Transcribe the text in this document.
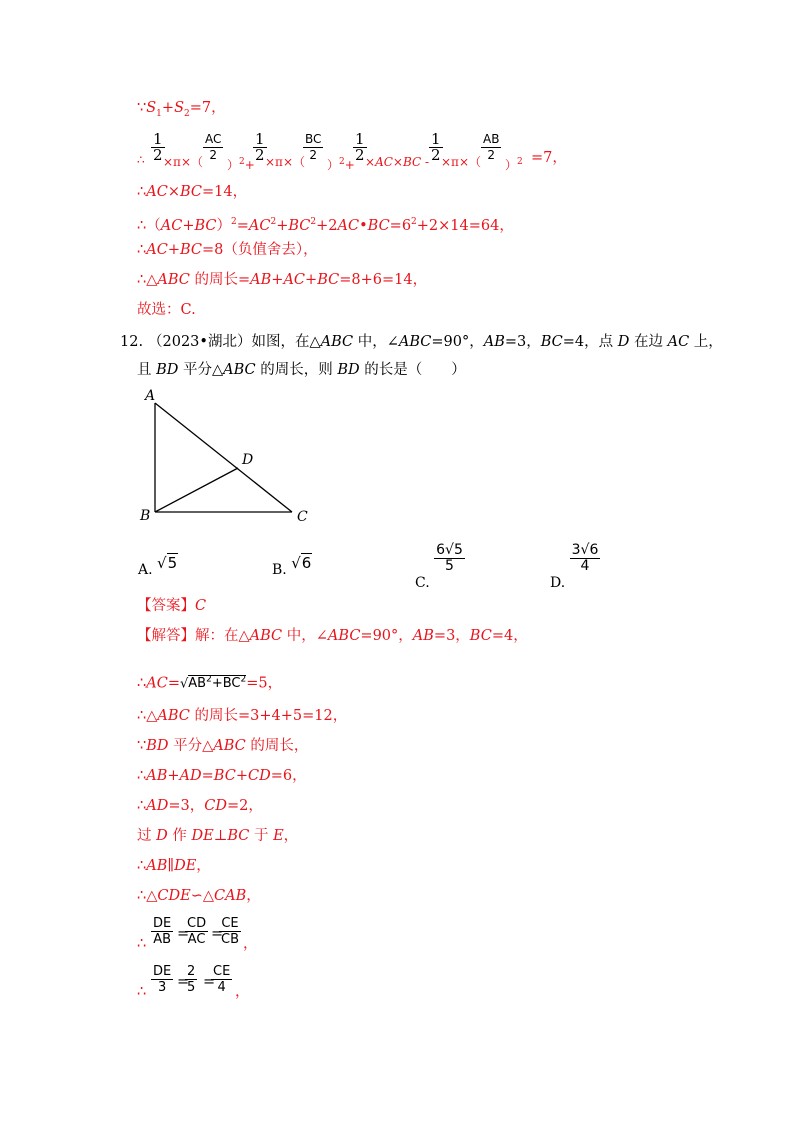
$\because S_1+S_2=7$，
∴ $\frac{1}{2}$
$\times\pi\times( \frac{AC}{2}$
）$^2$+
$\frac{1}{2}$
×π×（
$\frac{BC}{2}$
）$^2$+
$\frac{1}{2}$
$\times AC\times BC - \frac{1}{2}$
$\times\pi\times( \frac{AB}{2}$
）$^2$ =7，
∴AC×BC=14，
$\therefore(AC+BC)^2=AC^2+BC^2+2AC•BC=6^2+2\times 14=64$，
∴AC+BC=8（负值舍去），
∴△ABC 的周长=AB+AC+BC=8+6=14，
故选：C.
12. （2023•湖北）如图，在△ABC 中，∠ABC=90°，AB=3，BC=4，点 D 在边 AC 上，
且 BD 平分△ABC 的周长，则 BD 的长是（　　）
A
B	C
D
A. √5	B. √6
C.
$\frac{6√5}{5}$
D.
$\frac{3√6}{4}$
【答案】C
【解答】解：在△ABC 中，∠ABC=90°，AB=3，BC=4，
$\therefore AC=√AB^2+BC^2=5$，
∴△ABC 的周长=3+4+5=12，
∵BD 平分△ABC 的周长，
∴AB+AD=BC+CD=6，
∴AD=3，CD=2，
过 D 作 DE⊥BC 于 E，
∴AB∥DE，
∴△CDE∽△CAB，
∴ $\frac{DE}{AB}$ =
$\frac{CD}{AC}$ =
$\frac{CE}{CB}$ ，
∴ $\frac{DE}{3}$ =
$\frac{2}{5}$ =
$\frac{CE}{4}$ ，
